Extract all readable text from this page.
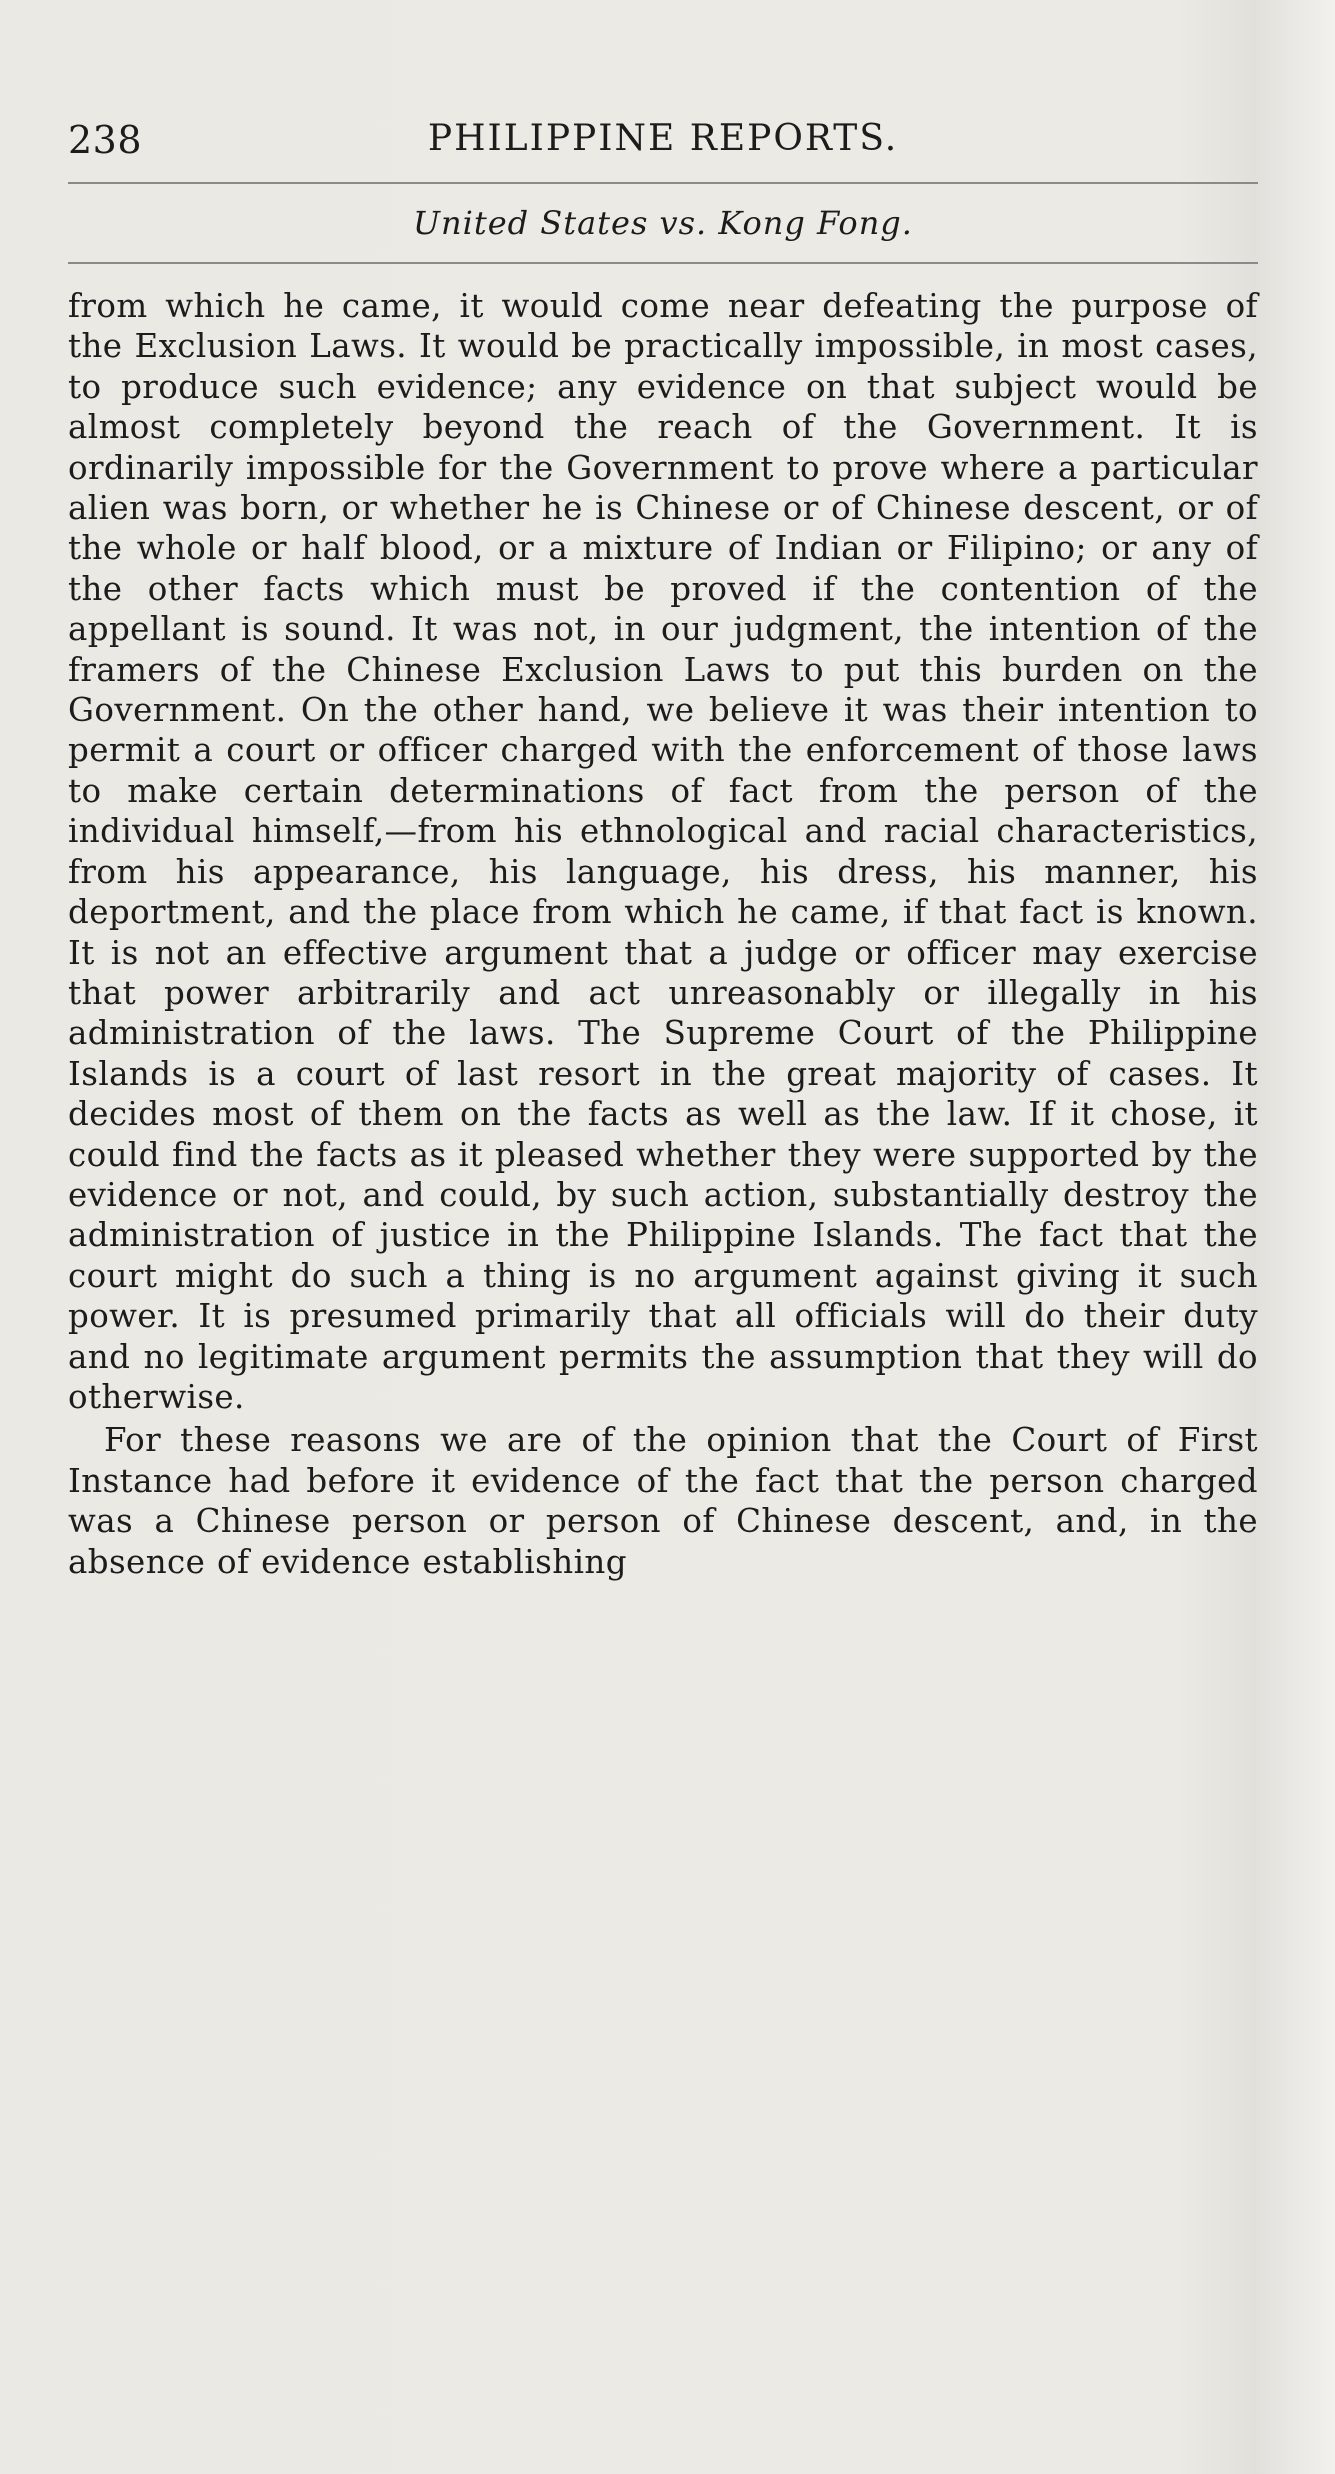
238	PHILIPPINE REPORTS.
United States vs. Kong Fong.

from which he came, it would come near defeating the purpose of the Exclusion Laws. It would be practically impossible, in most cases, to produce such evidence; any evidence on that subject would be almost completely beyond the reach of the Government. It is ordinarily impossible for the Government to prove where a particular alien was born, or whether he is Chinese or of Chinese descent, or of the whole or half blood, or a mixture of Indian or Filipino; or any of the other facts which must be proved if the contention of the appellant is sound. It was not, in our judgment, the intention of the framers of the Chinese Exclusion Laws to put this burden on the Government. On the other hand, we believe it was their intention to permit a court or officer charged with the enforcement of those laws to make certain determinations of fact from the person of the individual himself,—from his ethnological and racial characteristics, from his appearance, his language, his dress, his manner, his deportment, and the place from which he came, if that fact is known. It is not an effective argument that a judge or officer may exercise that power arbitrarily and act unreasonably or illegally in his administration of the laws. The Supreme Court of the Philippine Islands is a court of last resort in the great majority of cases. It decides most of them on the facts as well as the law. If it chose, it could find the facts as it pleased whether they were supported by the evidence or not, and could, by such action, substantially destroy the administration of justice in the Philippine Islands. The fact that the court might do such a thing is no argument against giving it such power. It is presumed primarily that all officials will do their duty and no legitimate argument permits the assumption that they will do otherwise.

For these reasons we are of the opinion that the Court of First Instance had before it evidence of the fact that the person charged was a Chinese person or person of Chinese descent, and, in the absence of evidence establishing
